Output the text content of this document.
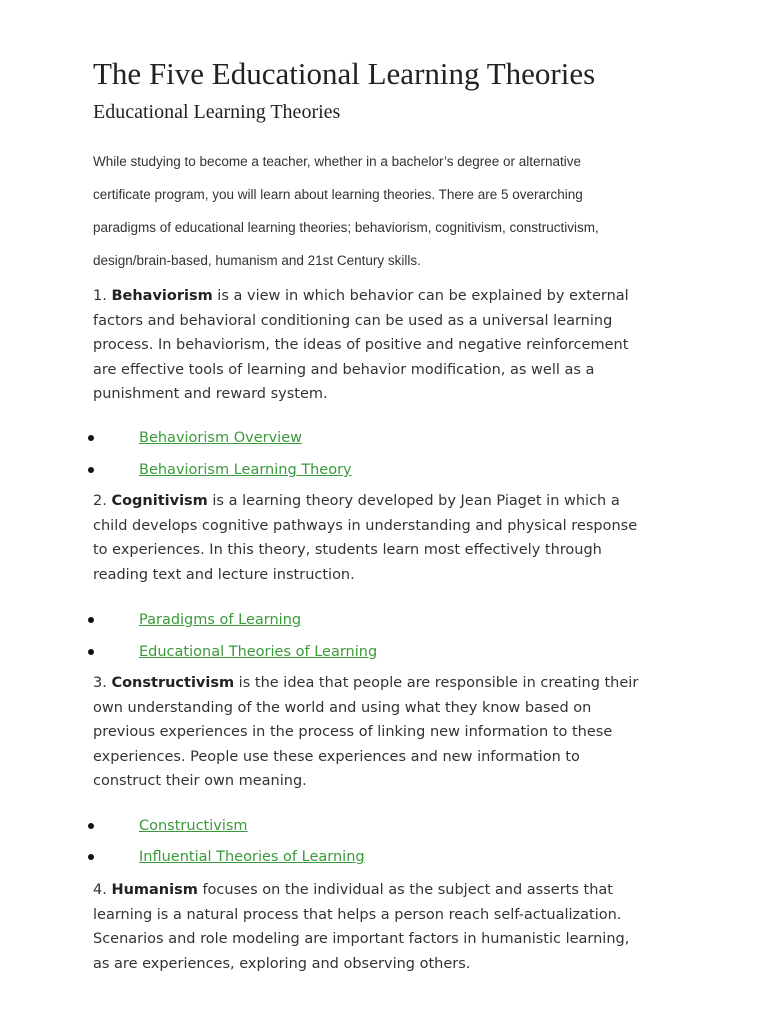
The Five Educational Learning Theories
Educational Learning Theories

While studying to become a teacher, whether in a bachelor’s degree or alternative
certificate program, you will learn about learning theories. There are 5 overarching
paradigms of educational learning theories; behaviorism, cognitivism, constructivism,
design/brain-based, humanism and 21st Century skills.

1. Behaviorism is a view in which behavior can be explained by external
factors and behavioral conditioning can be used as a universal learning
process. In behaviorism, the ideas of positive and negative reinforcement
are effective tools of learning and behavior modification, as well as a
punishment and reward system.

Behaviorism Overview
Behaviorism Learning Theory

2. Cognitivism is a learning theory developed by Jean Piaget in which a
child develops cognitive pathways in understanding and physical response
to experiences. In this theory, students learn most effectively through
reading text and lecture instruction.

Paradigms of Learning
Educational Theories of Learning

3. Constructivism is the idea that people are responsible in creating their
own understanding of the world and using what they know based on
previous experiences in the process of linking new information to these
experiences. People use these experiences and new information to
construct their own meaning.

Constructivism
Influential Theories of Learning

4. Humanism focuses on the individual as the subject and asserts that
learning is a natural process that helps a person reach self-actualization.
Scenarios and role modeling are important factors in humanistic learning,
as are experiences, exploring and observing others.
